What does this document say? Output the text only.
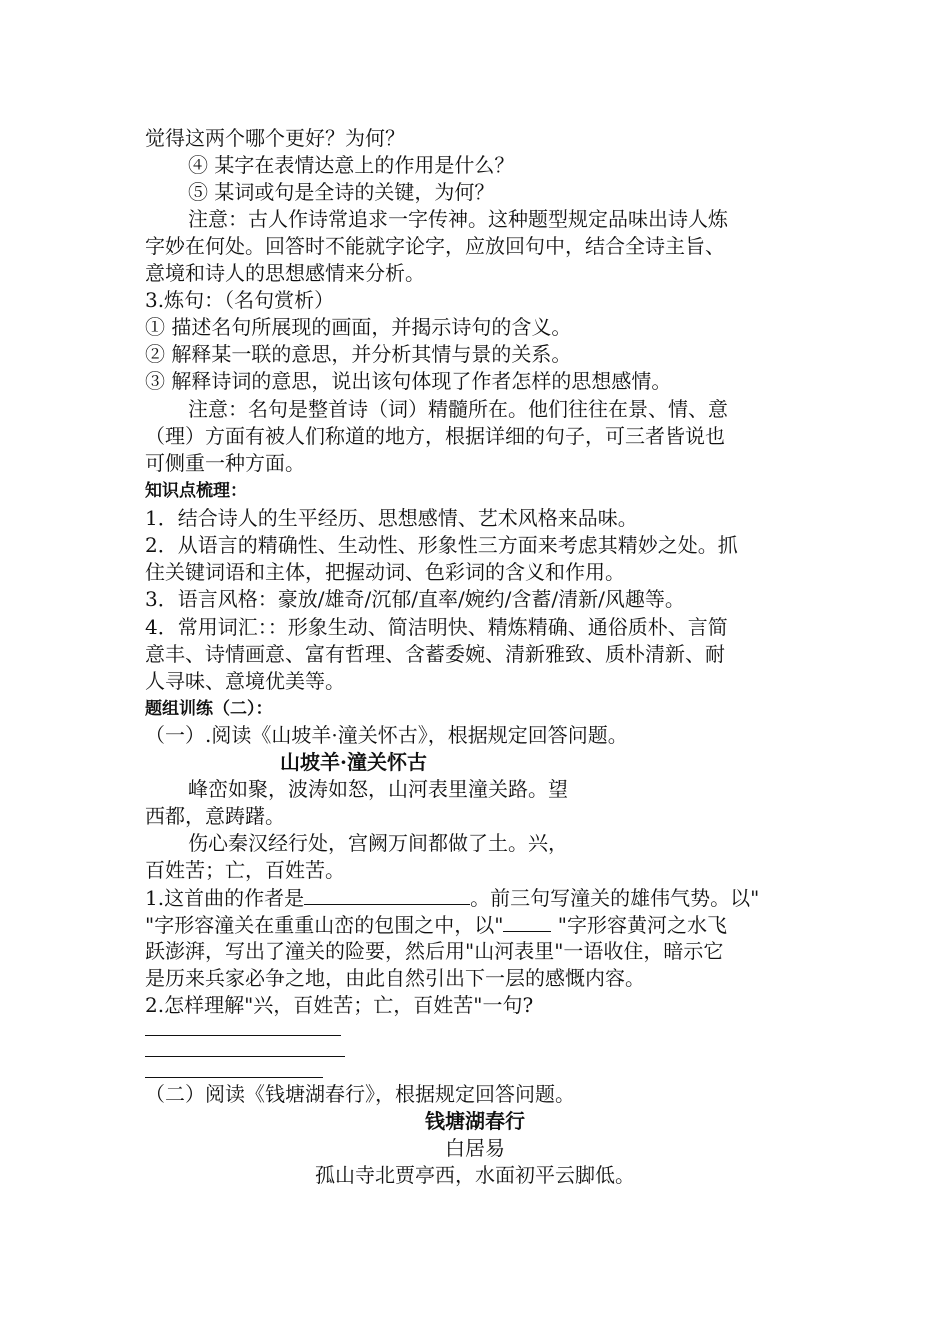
觉得这两个哪个更好？为何？
④ 某字在表情达意上的作用是什么？
⑤ 某词或句是全诗的关键，为何？
注意：古人作诗常追求一字传神。这种题型规定品味出诗人炼
字妙在何处。回答时不能就字论字，应放回句中，结合全诗主旨、
意境和诗人的思想感情来分析。
3.炼句：（名句赏析）
① 描述名句所展现的画面，并揭示诗句的含义。
② 解释某一联的意思，并分析其情与景的关系。
③ 解释诗词的意思，说出该句体现了作者怎样的思想感情。
注意：名句是整首诗（词）精髓所在。他们往往在景、情、意
（理）方面有被人们称道的地方，根据详细的句子，可三者皆说也
可侧重一种方面。
知识点梳理：
1．结合诗人的生平经历、思想感情、艺术风格来品味。
2．从语言的精确性、生动性、形象性三方面来考虑其精妙之处。抓
住关键词语和主体，把握动词、色彩词的含义和作用。
3．语言风格：豪放/雄奇/沉郁/直率/婉约/含蓄/清新/风趣等。
4．常用词汇：：形象生动、简洁明快、精炼精确、通俗质朴、言简
意丰、诗情画意、富有哲理、含蓄委婉、清新雅致、质朴清新、耐
人寻味、意境优美等。
题组训练（二）：
（一）.阅读《山坡羊·潼关怀古》，根据规定回答问题。
山坡羊·潼关怀古
峰峦如聚，波涛如怒，山河表里潼关路。望
西都，意踌躇。
伤心秦汉经行处，宫阙万间都做了土。兴，
百姓苦；亡，百姓苦。
1.这首曲的作者是	。前三句写潼关的雄伟气势。以"
"字形容潼关在重重山峦的包围之中，以" "字形容黄河之水飞
跃澎湃，写出了潼关的险要，然后用"山河表里"一语收住，暗示它
是历来兵家必争之地，由此自然引出下一层的感慨内容。
2.怎样理解"兴，百姓苦；亡，百姓苦"一句?
（二）阅读《钱塘湖春行》，根据规定回答问题。
钱塘湖春行
白居易
孤山寺北贾亭西，水面初平云脚低。
